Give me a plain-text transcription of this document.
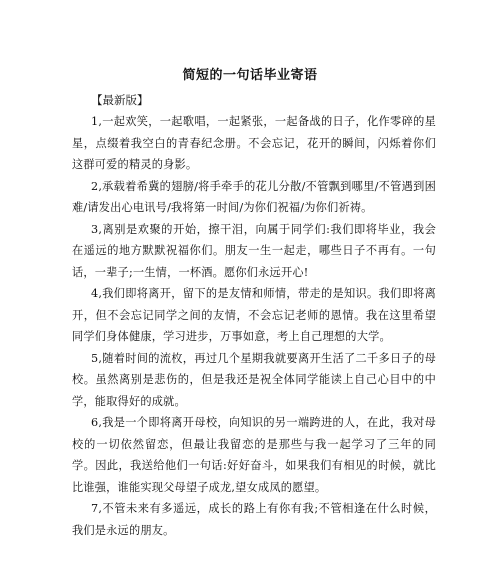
简短的一句话毕业寄语
【最新版】

1,一起欢笑，一起歌唱，一起紧张，一起备战的日子，化作零碎的星星，点缀着我空白的青春纪念册。不会忘记，花开的瞬间，闪烁着你们这群可爱的精灵的身影。

2,承载着希冀的翅膀/将手牵手的花儿分散/不管飘到哪里/不管遇到困难/请发出心电讯号/我将第一时间/为你们祝福/为你们祈祷。

3,离别是欢聚的开始，擦干泪，向属于同学们:我们即将毕业，我会在遥远的地方默默祝福你们。朋友一生一起走，哪些日子不再有。一句话，一辈子;一生情，一杯酒。愿你们永远开心!

4,我们即将离开，留下的是友情和师情，带走的是知识。我们即将离开，但不会忘记同学之间的友情，不会忘记老师的恩情。我在这里希望同学们身体健康，学习进步，万事如意，考上自己理想的大学。

5,随着时间的流枚，再过几个星期我就要离开生活了二千多日子的母校。虽然离别是悲伤的，但是我还是祝全体同学能读上自己心目中的中学，能取得好的成就。

6,我是一个即将离开母校，向知识的另一端跨进的人，在此，我对母校的一切依然留恋，但最让我留恋的是那些与我一起学习了三年的同学。因此，我送给他们一句话:好好奋斗，如果我们有相见的时候，就比比谁强，谁能实现父母望子成龙,望女成凤的愿望。

7,不管未来有多遥远，成长的路上有你有我;不管相逢在什么时候，我们是永远的朋友。
